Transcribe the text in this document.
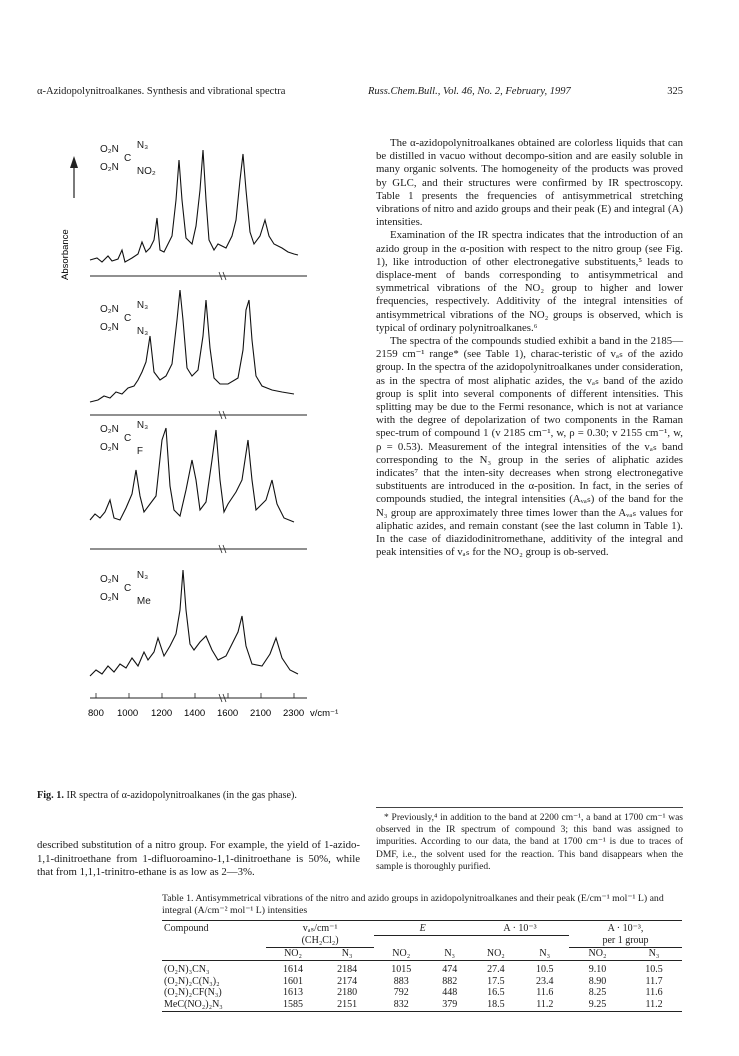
α-Azidopolynitroalkanes. Synthesis and vibrational spectra	Russ.Chem.Bull., Vol. 46, No. 2, February, 1997	325
Absorbance
800 1000 1200 1400 1600 2100 2300 v/cm⁻¹
O₂N N₃
C
O₂N NO₂
O₂N N₃
C
O₂N N₃
O₂N N₃
C
O₂N F
O₂N N₃
C
O₂N Me
Fig. 1. IR spectra of α-azidopolynitroalkanes (in the gas phase).
described substitution of a nitro group. For example, the yield of 1-azido-1,1-dinitroethane from 1-difluoroamino-1,1-dinitroethane is 50%, while that from 1,1,1-trinitro-ethane is as low as 2—3%.

The α-azidopolynitroalkanes obtained are colorless liquids that can be distilled in vacuo without decompo-sition and are easily soluble in many organic solvents. The homogeneity of the products was proved by GLC, and their structures were confirmed by IR spectroscopy. Table 1 presents the frequencies of antisymmetrical stretching vibrations of nitro and azido groups and their peak (E) and integral (A) intensities.

Examination of the IR spectra indicates that the introduction of an azido group in the α-position with respect to the nitro group (see Fig. 1), like introduction of other electronegative substituents,⁵ leads to displace-ment of bands corresponding to antisymmetrical and symmetrical vibrations of the NO₂ group to higher and lower frequencies, respectively. Additivity of the integral intensities of antisymmetrical vibrations of the NO₂ groups is observed, which is typical of ordinary polynitroalkanes.⁶

The spectra of the compounds studied exhibit a band in the 2185—2159 cm⁻¹ range* (see Table 1), charac-teristic of vₐₛ of the azido group. In the spectra of the azidopolynitroalkanes under consideration, as in the spectra of most aliphatic azides, the vₐₛ band of the azido group is split into several components of different intensities. This splitting may be due to the Fermi resonance, which is not at variance with the degree of depolarization of two components in the Raman spec-trum of compound 1 (v 2185 cm⁻¹, w, ρ = 0.30; v 2155 cm⁻¹, w, ρ = 0.53). Measurement of the integral intensities of the vₐₛ band corresponding to the N₃ group in the series of aliphatic azides indicates⁷ that the inten-sity decreases when strong electronegative substituents are introduced in the α-position. In fact, in the series of compounds studied, the integral intensities (Aᵥₐₛ) of the band for the N₃ group are approximately three times lower than the Aᵥₐₛ values for aliphatic azides, and remain constant (see the last column in Table 1). In the case of diazidodinitromethane, additivity of the integral and peak intensities of vₐₛ for the NO₂ group is ob-served.

* Previously,⁴ in addition to the band at 2200 cm⁻¹, a band at 1700 cm⁻¹ was observed in the IR spectrum of compound 3; this band was assigned to impurities. According to our data, the band at 1700 cm⁻¹ is due to traces of DMF, i.e., the solvent used for the reaction. This band disappears when the sample is thoroughly purified.
Table 1. Antisymmetrical vibrations of the nitro and azido groups in azidopolynitroalkanes and their peak (E/cm⁻¹ mol⁻¹ L) and integral (A/cm⁻² mol⁻¹ L) intensities
Compound	vₐₛ/cm⁻¹		E		A · 10⁻³		A · 10⁻³,	
	(CH₂Cl₂)						per 1 group	
	NO₂	N₃	NO₂	N₃	NO₂	N₃	NO₂	N₃
(O₂N)₃CN₃	1614	2184	1015	474	27.4	10.5	9.10	10.5
(O₂N)₂C(N₃)₂	1601	2174	883	882	17.5	23.4	8.90	11.7
(O₂N)₂CF(N₃)	1613	2180	792	448	16.5	11.6	8.25	11.6
MeC(NO₂)₂N₃	1585	2151	832	379	18.5	11.2	9.25	11.2
